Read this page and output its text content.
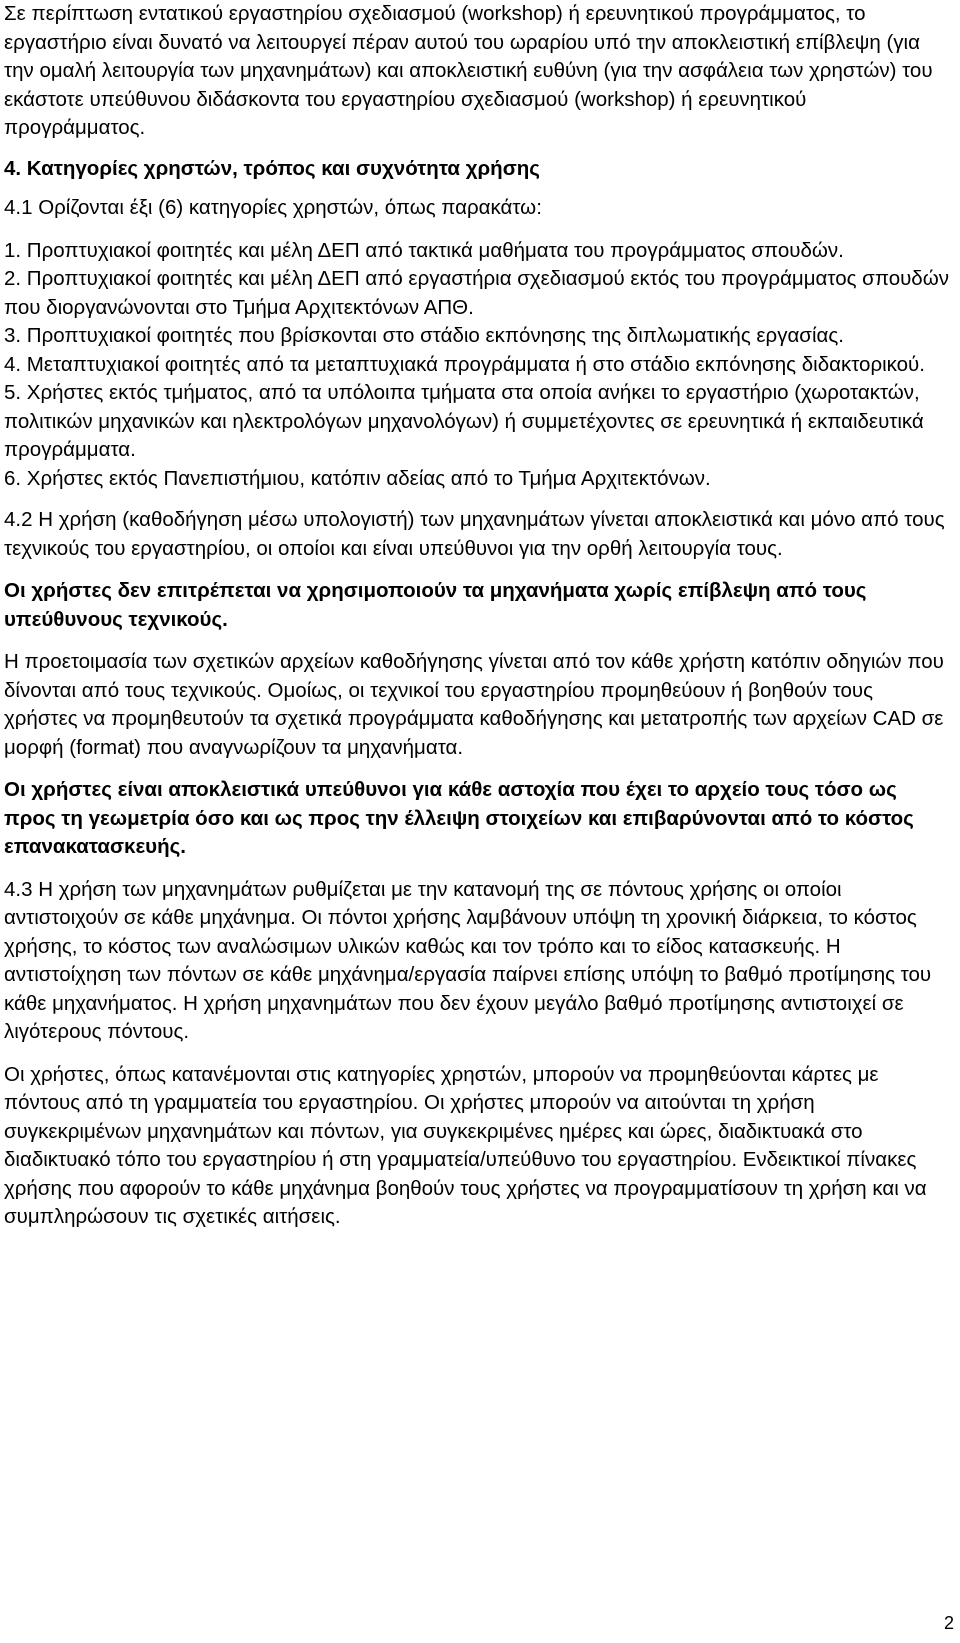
Σε περίπτωση εντατικού εργαστηρίου σχεδιασμού (workshop) ή ερευνητικού προγράμματος, το εργαστήριο είναι δυνατό να λειτουργεί πέραν αυτού του ωραρίου υπό την αποκλειστική επίβλεψη (για την ομαλή λειτουργία των μηχανημάτων) και αποκλειστική ευθύνη (για την ασφάλεια των χρηστών) του εκάστοτε υπεύθυνου διδάσκοντα του εργαστηρίου σχεδιασμού (workshop) ή ερευνητικού προγράμματος.

4. Κατηγορίες χρηστών, τρόπος και συχνότητα χρήσης

4.1 Ορίζονται έξι (6) κατηγορίες χρηστών, όπως παρακάτω:

1. Προπτυχιακοί φοιτητές και μέλη ΔΕΠ από τακτικά μαθήματα του προγράμματος σπουδών.

2. Προπτυχιακοί φοιτητές και μέλη ΔΕΠ από εργαστήρια σχεδιασμού εκτός του προγράμματος σπουδών που διοργανώνονται στο Τμήμα Αρχιτεκτόνων ΑΠΘ.

3. Προπτυχιακοί φοιτητές που βρίσκονται στο στάδιο εκπόνησης της διπλωματικής εργασίας.

4. Μεταπτυχιακοί φοιτητές από τα μεταπτυχιακά προγράμματα ή στο στάδιο εκπόνησης διδακτορικού.

5. Χρήστες εκτός τμήματος, από τα υπόλοιπα τμήματα στα οποία ανήκει το εργαστήριο (χωροτακτών, πολιτικών μηχανικών και ηλεκτρολόγων μηχανολόγων) ή συμμετέχοντες σε ερευνητικά ή εκπαιδευτικά προγράμματα.

6. Χρήστες εκτός Πανεπιστήμιου, κατόπιν αδείας από το Τμήμα Αρχιτεκτόνων.

4.2 Η χρήση (καθοδήγηση μέσω υπολογιστή) των μηχανημάτων γίνεται αποκλειστικά και μόνο από τους τεχνικούς του εργαστηρίου, οι οποίοι και είναι υπεύθυνοι για την ορθή λειτουργία τους.

Οι χρήστες δεν επιτρέπεται να χρησιμοποιούν τα μηχανήματα χωρίς επίβλεψη από τους υπεύθυνους τεχνικούς.

Η προετοιμασία των σχετικών αρχείων καθοδήγησης γίνεται από τον κάθε χρήστη κατόπιν οδηγιών που δίνονται από τους τεχνικούς. Ομοίως, οι τεχνικοί του εργαστηρίου προμηθεύουν ή βοηθούν τους χρήστες να προμηθευτούν τα σχετικά προγράμματα καθοδήγησης και μετατροπής των αρχείων CAD σε μορφή (format) που αναγνωρίζουν τα μηχανήματα.

Οι χρήστες είναι αποκλειστικά υπεύθυνοι για κάθε αστοχία που έχει το αρχείο τους τόσο ως προς τη γεωμετρία όσο και ως προς την έλλειψη στοιχείων και επιβαρύνονται από το κόστος επανακατασκευής.

4.3 Η χρήση των μηχανημάτων ρυθμίζεται με την κατανομή της σε πόντους χρήσης οι οποίοι αντιστοιχούν σε κάθε μηχάνημα. Οι πόντοι χρήσης λαμβάνουν υπόψη τη χρονική διάρκεια, το κόστος χρήσης, το κόστος των αναλώσιμων υλικών καθώς και τον τρόπο και το είδος κατασκευής. Η αντιστοίχηση των πόντων σε κάθε μηχάνημα/εργασία παίρνει επίσης υπόψη το βαθμό προτίμησης του κάθε μηχανήματος. Η χρήση μηχανημάτων που δεν έχουν μεγάλο βαθμό προτίμησης αντιστοιχεί σε λιγότερους πόντους.

Οι χρήστες, όπως κατανέμονται στις κατηγορίες χρηστών, μπορούν να προμηθεύονται κάρτες με πόντους από τη γραμματεία του εργαστηρίου. Οι χρήστες μπορούν να αιτούνται τη χρήση συγκεκριμένων μηχανημάτων και πόντων, για συγκεκριμένες ημέρες και ώρες, διαδικτυακά στο διαδικτυακό τόπο του εργαστηρίου ή στη γραμματεία/υπεύθυνο του εργαστηρίου. Ενδεικτικοί πίνακες χρήσης που αφορούν το κάθε μηχάνημα βοηθούν τους χρήστες να προγραμματίσουν τη χρήση και να συμπληρώσουν τις σχετικές αιτήσεις.

2
